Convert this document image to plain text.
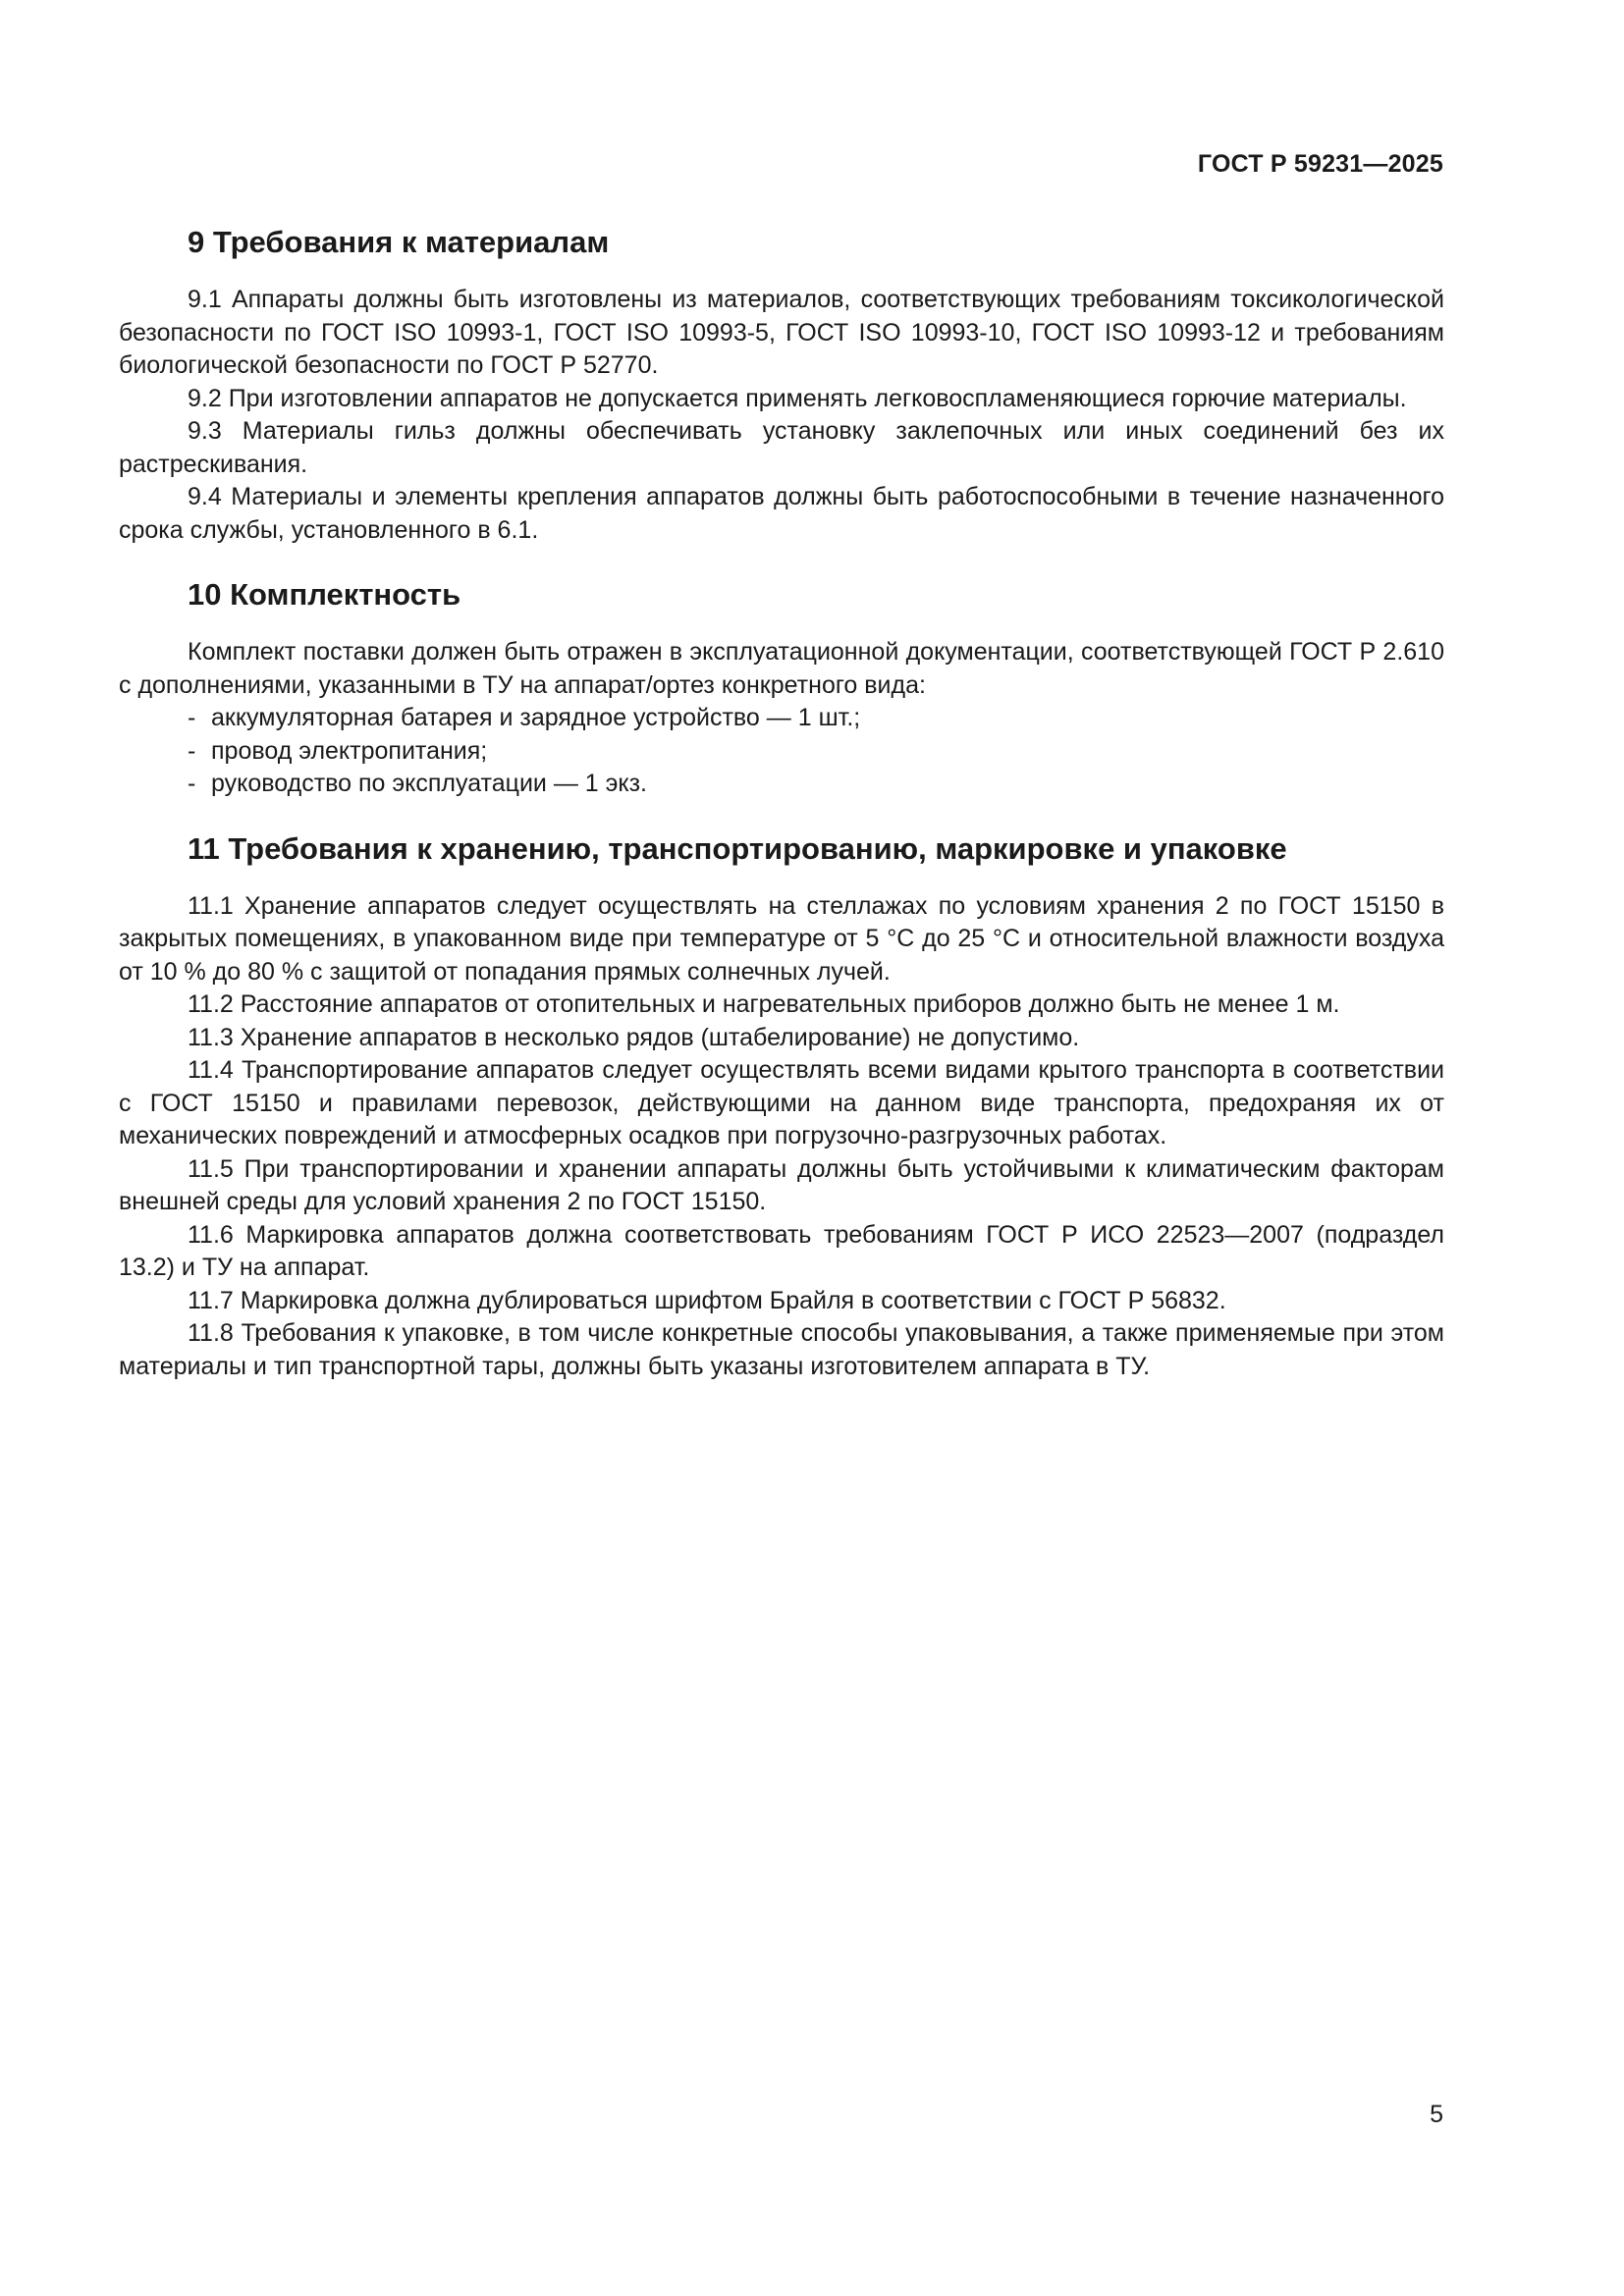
ГОСТ Р 59231—2025
9 Требования к материалам

9.1 Аппараты должны быть изготовлены из материалов, соответствующих требованиям токсикологической безопасности по ГОСТ ISO 10993-1, ГОСТ ISO 10993-5, ГОСТ ISO 10993-10, ГОСТ ISO 10993-12 и требованиям биологической безопасности по ГОСТ Р 52770.

9.2 При изготовлении аппаратов не допускается применять легковоспламеняющиеся горючие материалы.

9.3 Материалы гильз должны обеспечивать установку заклепочных или иных соединений без их растрескивания.

9.4 Материалы и элементы крепления аппаратов должны быть работоспособными в течение назначенного срока службы, установленного в 6.1.

10 Комплектность

Комплект поставки должен быть отражен в эксплуатационной документации, соответствующей ГОСТ Р 2.610 с дополнениями, указанными в ТУ на аппарат/ортез конкретного вида:

- аккумуляторная батарея и зарядное устройство — 1 шт.;
- провод электропитания;
- руководство по эксплуатации — 1 экз.
11 Требования к хранению, транспортированию, маркировке и упаковке

11.1 Хранение аппаратов следует осуществлять на стеллажах по условиям хранения 2 по ГОСТ 15150 в закрытых помещениях, в упакованном виде при температуре от 5 °С до 25 °С и относительной влажности воздуха от 10 % до 80 % с защитой от попадания прямых солнечных лучей.

11.2 Расстояние аппаратов от отопительных и нагревательных приборов должно быть не менее 1 м.

11.3 Хранение аппаратов в несколько рядов (штабелирование) не допустимо.

11.4 Транспортирование аппаратов следует осуществлять всеми видами крытого транспорта в соответствии с ГОСТ 15150 и правилами перевозок, действующими на данном виде транспорта, предохраняя их от механических повреждений и атмосферных осадков при погрузочно-разгрузочных работах.

11.5 При транспортировании и хранении аппараты должны быть устойчивыми к климатическим факторам внешней среды для условий хранения 2 по ГОСТ 15150.

11.6 Маркировка аппаратов должна соответствовать требованиям ГОСТ Р ИСО 22523—2007 (подраздел 13.2) и ТУ на аппарат.

11.7 Маркировка должна дублироваться шрифтом Брайля в соответствии с ГОСТ Р 56832.

11.8 Требования к упаковке, в том числе конкретные способы упаковывания, а также применяемые при этом материалы и тип транспортной тары, должны быть указаны изготовителем аппарата в ТУ.

5
